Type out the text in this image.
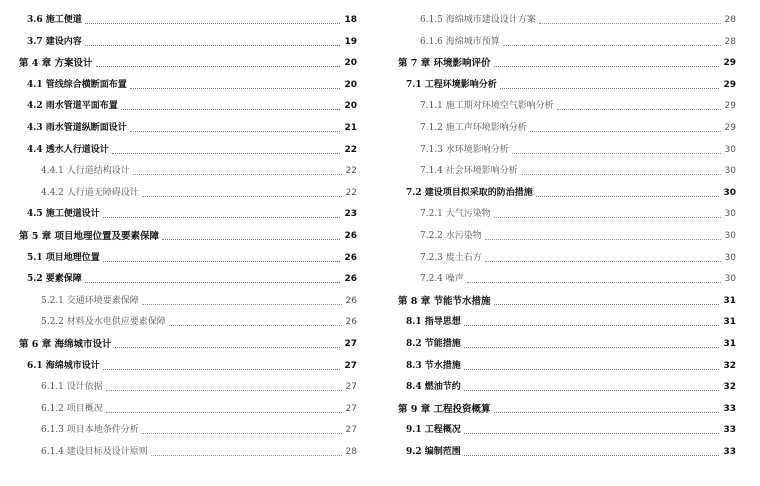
3.6 施工便道	18
3.7 建设内容	19
第 4 章 方案设计	20
4.1 管线综合横断面布置	20
4.2 雨水管道平面布置	20
4.3 雨水管道纵断面设计	21
4.4 透水人行道设计	22
4.4.1 人行道结构设计	22
4.4.2 人行道无障碍设计	22
4.5 施工便道设计	23
第 5 章 项目地理位置及要素保障	26
5.1 项目地理位置	26
5.2 要素保障	26
5.2.1 交通环境要素保障	26
5.2.2 材料及水电供应要素保障	26
第 6 章 海绵城市设计	27
6.1 海绵城市设计	27
6.1.1 设计依据	27
6.1.2 项目概况	27
6.1.3 项目本地条件分析	27
6.1.4 建设目标及设计原则	28
6.1.5 海绵城市建设设计方案	28
6.1.6 海绵城市预算	28
第 7 章 环境影响评价	29
7.1 工程环境影响分析	29
7.1.1 施工期对环境空气影响分析	29
7.1.2 施工声环境影响分析	29
7.1.3 水环境影响分析	30
7.1.4 社会环境影响分析	30
7.2 建设项目拟采取的防治措施	30
7.2.1 大气污染物	30
7.2.2 水污染物	30
7.2.3 废土石方	30
7.2.4 噪声	30
第 8 章 节能节水措施	31
8.1 指导思想	31
8.2 节能措施	31
8.3 节水措施	32
8.4 燃油节约	32
第 9 章 工程投资概算	33
9.1 工程概况	33
9.2 编制范围	33
